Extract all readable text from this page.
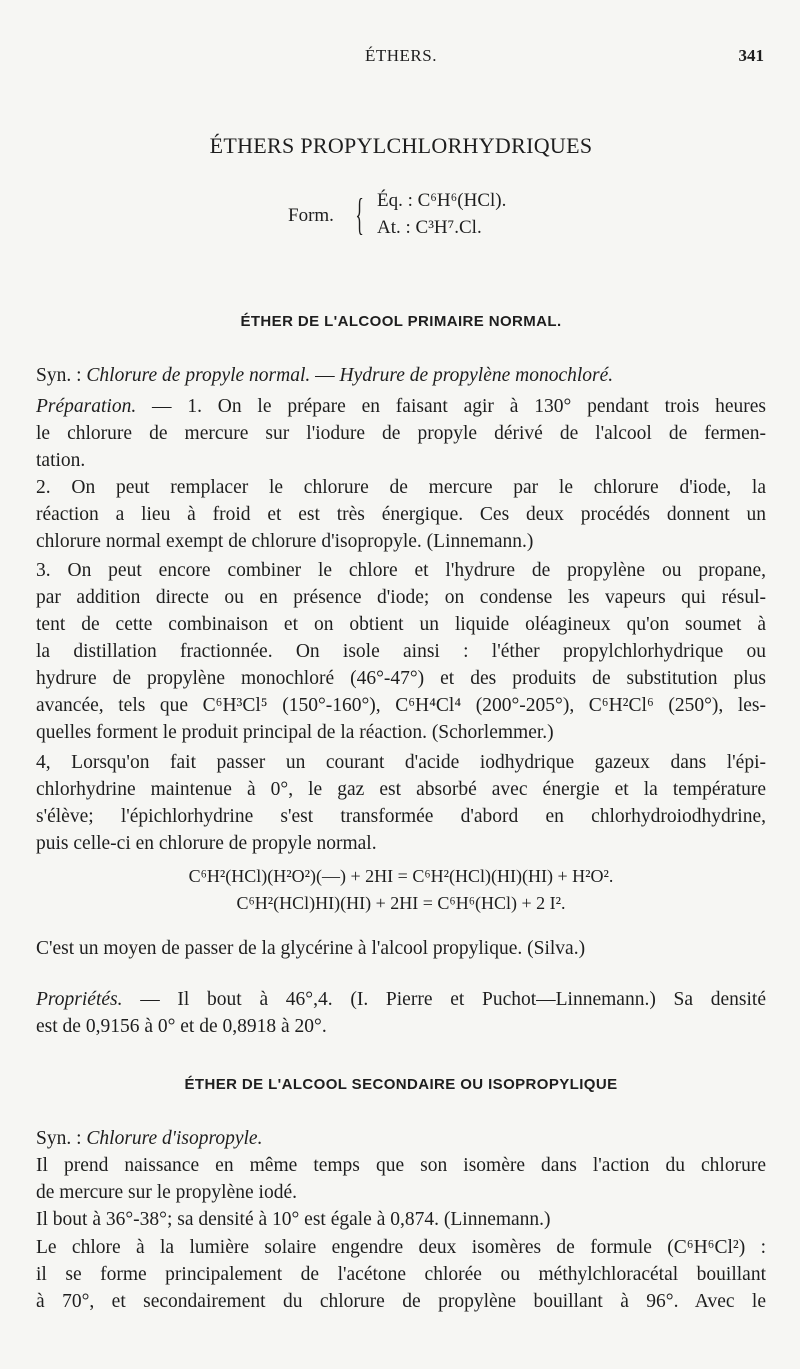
ÉTHERS.	341
ÉTHERS PROPYLCHLORHYDRIQUES
Form. { Éq. : C⁶H⁶(HCl).
At. : C³H⁷.Cl.
ÉTHER DE L'ALCOOL PRIMAIRE NORMAL.
Syn. : Chlorure de propyle normal. — Hydrure de propylène monochloré.
Préparation. — 1. On le prépare en faisant agir à 130° pendant trois heures
le chlorure de mercure sur l'iodure de propyle dérivé de l'alcool de fermen-
tation.
2. On peut remplacer le chlorure de mercure par le chlorure d'iode, la
réaction a lieu à froid et est très énergique. Ces deux procédés donnent un
chlorure normal exempt de chlorure d'isopropyle. (Linnemann.)
3. On peut encore combiner le chlore et l'hydrure de propylène ou propane,
par addition directe ou en présence d'iode; on condense les vapeurs qui résul-
tent de cette combinaison et on obtient un liquide oléagineux qu'on soumet à
la distillation fractionnée. On isole ainsi : l'éther propylchlorhydrique ou
hydrure de propylène monochloré (46°-47°) et des produits de substitution plus
avancée, tels que C⁶H³Cl⁵ (150°-160°), C⁶H⁴Cl⁴ (200°-205°), C⁶H²Cl⁶ (250°), les-
quelles forment le produit principal de la réaction. (Schorlemmer.)
4, Lorsqu'on fait passer un courant d'acide iodhydrique gazeux dans l'épi-
chlorhydrine maintenue à 0°, le gaz est absorbé avec énergie et la température
s'élève; l'épichlorhydrine s'est transformée d'abord en chlorhydroiodhydrine,
puis celle-ci en chlorure de propyle normal.
C⁶H²(HCl)(H²O²)(—) + 2HI = C⁶H²(HCl)(HI)(HI) + H²O².
C⁶H²(HCl)HI)(HI) + 2HI = C⁶H⁶(HCl) + 2 I².
C'est un moyen de passer de la glycérine à l'alcool propylique. (Silva.)
Propriétés. — Il bout à 46°,4. (I. Pierre et Puchot—Linnemann.) Sa densité
est de 0,9156 à 0° et de 0,8918 à 20°.
ÉTHER DE L'ALCOOL SECONDAIRE OU ISOPROPYLIQUE
Syn. : Chlorure d'isopropyle.
Il prend naissance en même temps que son isomère dans l'action du chlorure
de mercure sur le propylène iodé.
Il bout à 36°-38°; sa densité à 10° est égale à 0,874. (Linnemann.)
Le chlore à la lumière solaire engendre deux isomères de formule (C⁶H⁶Cl²) :
il se forme principalement de l'acétone chlorée ou méthylchloracétal bouillant
à 70°, et secondairement du chlorure de propylène bouillant à 96°. Avec le
